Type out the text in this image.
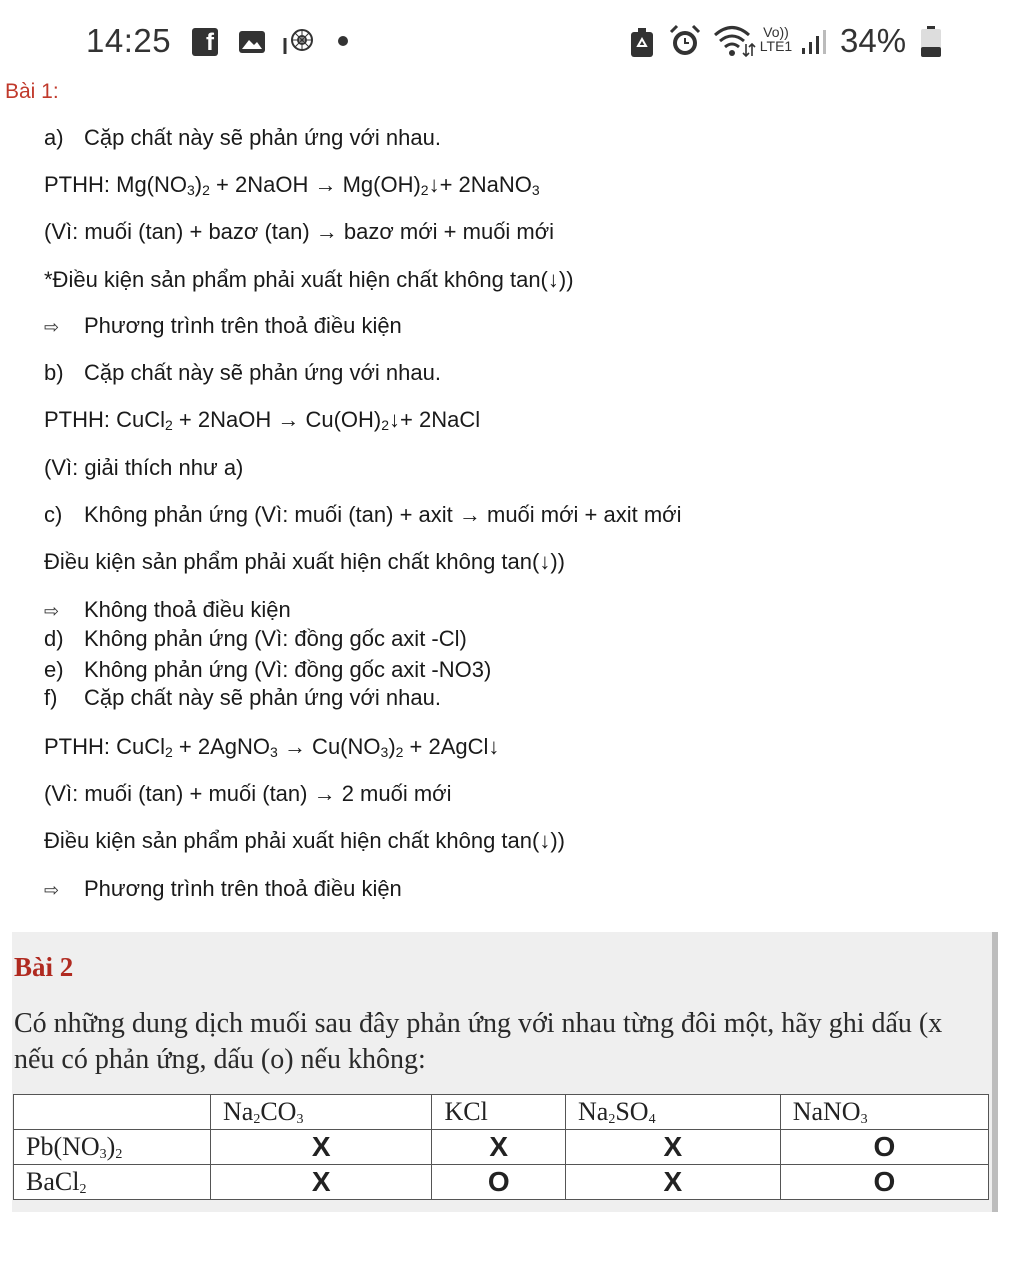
14:25	f	Vo)) LTE1 34%
Bài 1:
a) Cặp chất này sẽ phản ứng với nhau.
PTHH: $Mg(NO_3)_2$ + 2NaOH → $Mg(OH)_2↓+$ 2NaNO$_3$
(Vì: muối (tan) + bazơ (tan) → bazơ mới + muối mới
*Điều kiện sản phẩm phải xuất hiện chất không tan(↓))
⇨ Phương trình trên thoả điều kiện
b) Cặp chất này sẽ phản ứng với nhau.
PTHH: CuCl$_2$ + 2NaOH → $Cu(OH)_2↓+$ 2NaCl
(Vì: giải thích như a)
c) Không phản ứng (Vì: muối (tan) + axit → muối mới + axit mới
Điều kiện sản phẩm phải xuất hiện chất không tan(↓))
⇨ Không thoả điều kiện
d) Không phản ứng (Vì: đồng gốc axit -Cl)
e) Không phản ứng (Vì: đồng gốc axit -NO3)
f) Cặp chất này sẽ phản ứng với nhau.
PTHH: CuCl$_2$ + 2AgNO$_3$ → $Cu(NO_3)_2$ + 2AgCl↓
(Vì: muối (tan) + muối (tan) → 2 muối mới
Điều kiện sản phẩm phải xuất hiện chất không tan(↓))
⇨ Phương trình trên thoả điều kiện
Bài 2
Có những dung dịch muối sau đây phản ứng với nhau từng đôi một, hãy ghi dấu (x
nếu có phản ứng, dấu (o) nếu không:
	$Na_2CO_3$	KCl	$Na_2SO_4$	NaNO$_3$
$Pb(NO_3)_2$	X	X	X	O
BaCl$_2$	X	O	X	O
